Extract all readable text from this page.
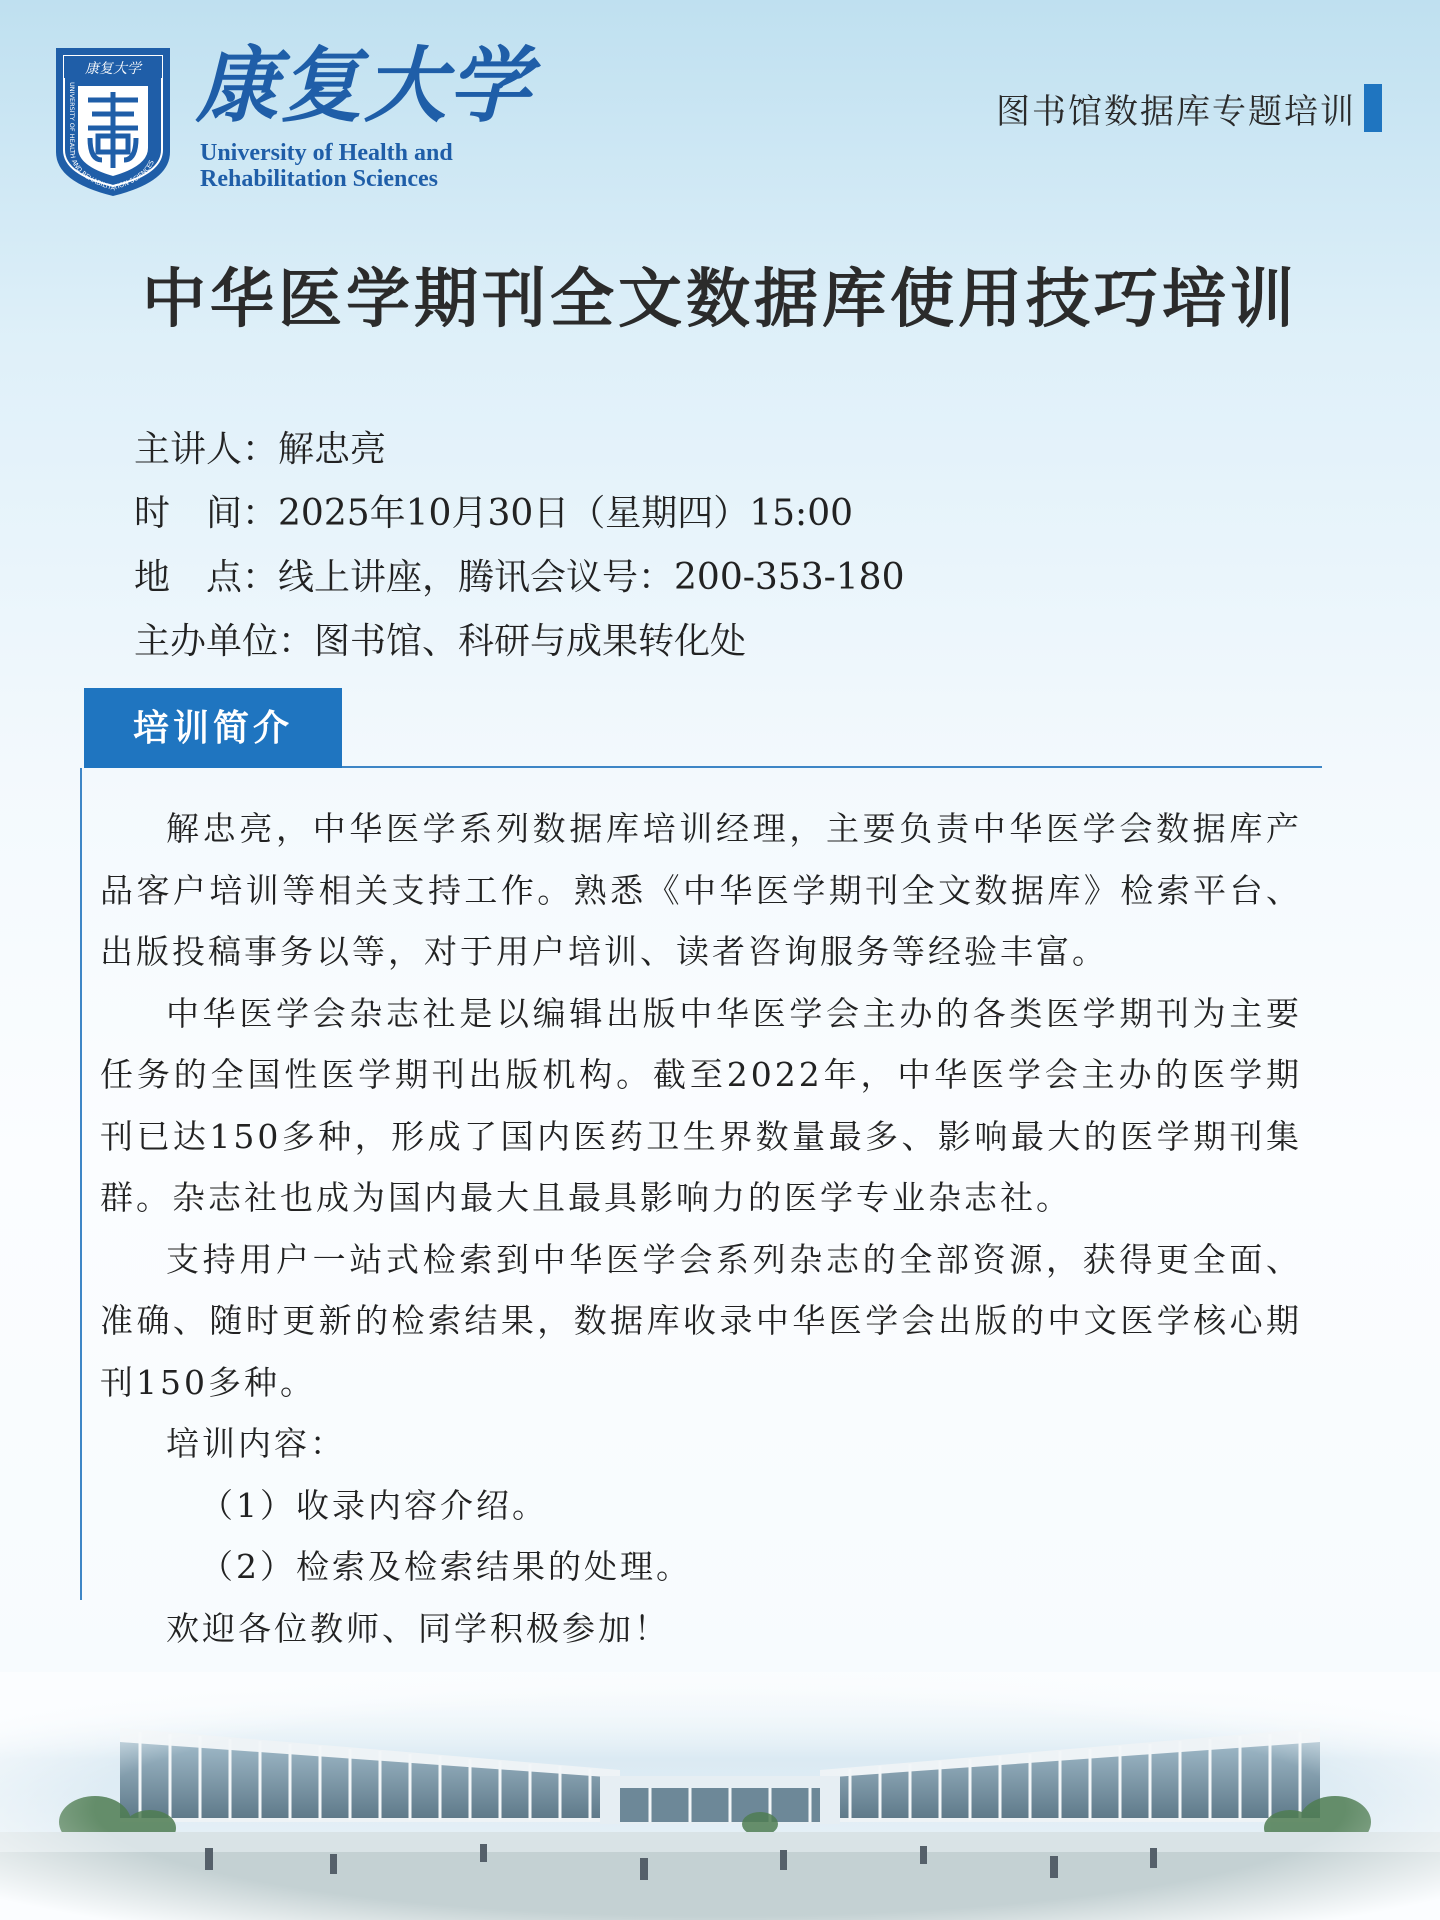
康复大学
UNIVERSITY OF HEALTH AND REHABILITATION SCIENCES
康复大学
University of Health and
Rehabilitation Sciences
图书馆数据库专题培训
中华医学期刊全文数据库使用技巧培训
主讲人：解忠亮
时　间：2025年10月30日（星期四）15:00
地　点：线上讲座，腾讯会议号：200-353-180
主办单位：图书馆、科研与成果转化处
培训简介

解忠亮，中华医学系列数据库培训经理，主要负责中华医学会数据库产品客户培训等相关支持工作。熟悉《中华医学期刊全文数据库》检索平台、出版投稿事务以等，对于用户培训、读者咨询服务等经验丰富。

中华医学会杂志社是以编辑出版中华医学会主办的各类医学期刊为主要任务的全国性医学期刊出版机构。截至2022年，中华医学会主办的医学期刊已达150多种，形成了国内医药卫生界数量最多、影响最大的医学期刊集群。杂志社也成为国内最大且最具影响力的医学专业杂志社。

支持用户一站式检索到中华医学会系列杂志的全部资源，获得更全面、准确、随时更新的检索结果，数据库收录中华医学会出版的中文医学核心期刊150多种。

培训内容：

（1）收录内容介绍。

（2）检索及检索结果的处理。

欢迎各位教师、同学积极参加！
